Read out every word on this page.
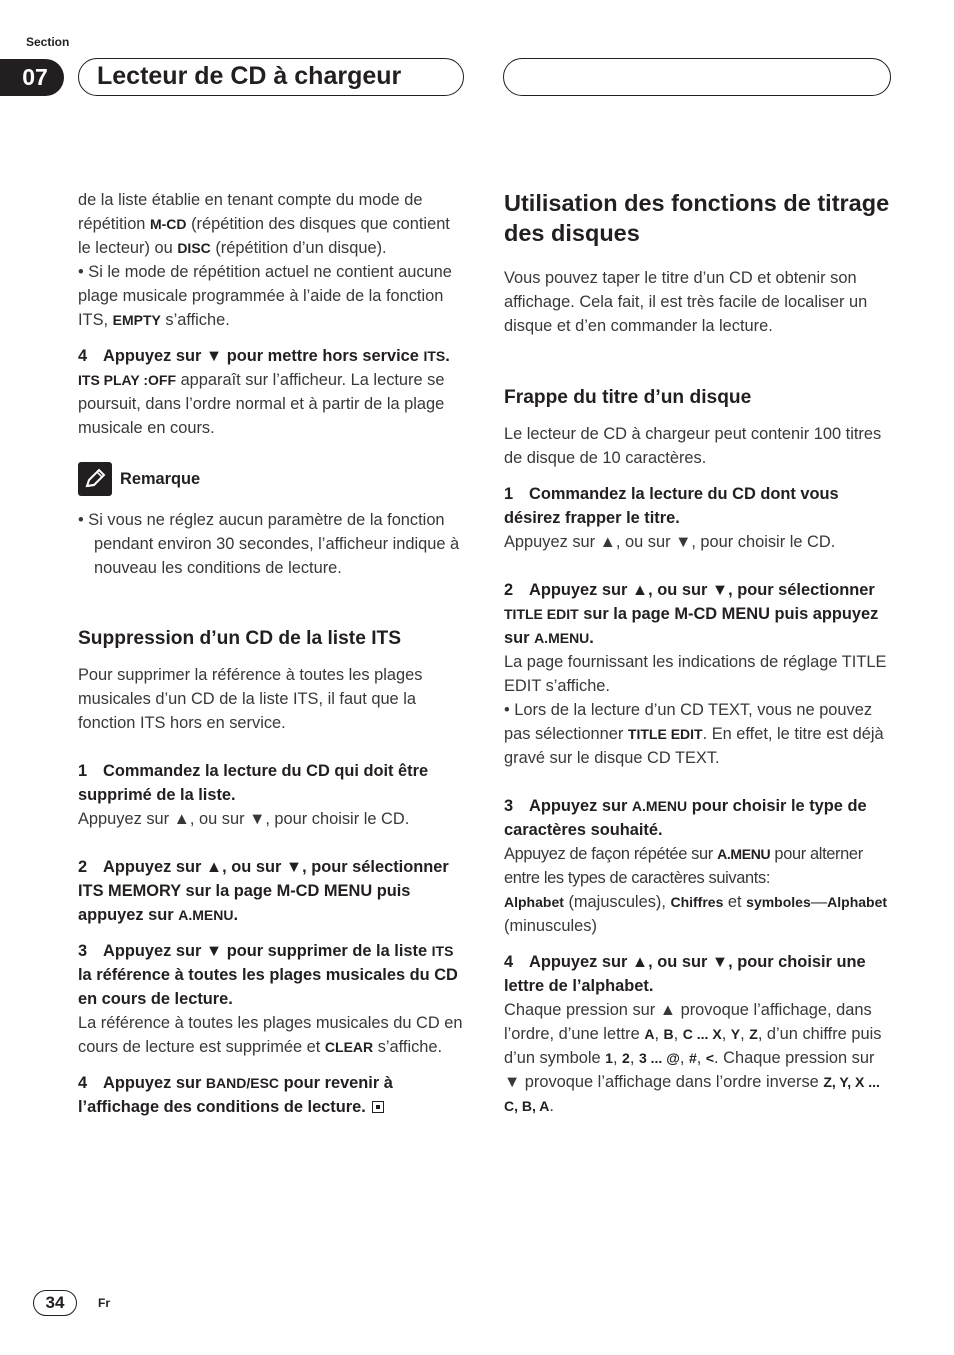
Section
07	Lecteur de CD à chargeur

de la liste établie en tenant compte du mode de répétition M-CD (répétition des disques que contient le lecteur) ou DISC (répétition d’un disque).

• Si le mode de répétition actuel ne contient aucune plage musicale programmée à l’aide de la fonction ITS, EMPTY s’affiche.

4 Appuyez sur ▼ pour mettre hors service ITS.

ITS PLAY :OFF apparaît sur l’afficheur. La lecture se poursuit, dans l’ordre normal et à partir de la plage musicale en cours.

Remarque

• Si vous ne réglez aucun paramètre de la fonction pendant environ 30 secondes, l’afficheur indique à nouveau les conditions de lecture.

Suppression d’un CD de la liste ITS

Pour supprimer la référence à toutes les plages musicales d’un CD de la liste ITS, il faut que la fonction ITS hors en service.

1 Commandez la lecture du CD qui doit être supprimé de la liste.

Appuyez sur ▲, ou sur ▼, pour choisir le CD.

2 Appuyez sur ▲, ou sur ▼, pour sélectionner ITS MEMORY sur la page M-CD MENU puis appuyez sur A.MENU.

3 Appuyez sur ▼ pour supprimer de la liste ITS la référence à toutes les plages musicales du CD en cours de lecture.

La référence à toutes les plages musicales du CD en cours de lecture est supprimée et CLEAR s’affiche.

4 Appuyez sur BAND/ESC pour revenir à l’affichage des conditions de lecture.

Utilisation des fonctions de titrage des disques

Vous pouvez taper le titre d’un CD et obtenir son affichage. Cela fait, il est très facile de localiser un disque et d’en commander la lecture.

Frappe du titre d’un disque

Le lecteur de CD à chargeur peut contenir 100 titres de disque de 10 caractères.

1 Commandez la lecture du CD dont vous désirez frapper le titre.

Appuyez sur ▲, ou sur ▼, pour choisir le CD.

2 Appuyez sur ▲, ou sur ▼, pour sélectionner TITLE EDIT sur la page M-CD MENU puis appuyez sur A.MENU.

La page fournissant les indications de réglage TITLE EDIT s’affiche.

• Lors de la lecture d’un CD TEXT, vous ne pouvez pas sélectionner TITLE EDIT. En effet, le titre est déjà gravé sur le disque CD TEXT.

3 Appuyez sur A.MENU pour choisir le type de caractères souhaité.

Appuyez de façon répétée sur A.MENU pour alterner entre les types de caractères suivants:

Alphabet (majuscules), Chiffres et symboles—Alphabet (minuscules)

4 Appuyez sur ▲, ou sur ▼, pour choisir une lettre de l’alphabet.

Chaque pression sur ▲ provoque l’affichage, dans l’ordre, d’une lettre A, B, C ... X, Y, Z, d’un chiffre puis d’un symbole 1, 2, 3 ... @, #, <. Chaque pression sur ▼ provoque l’affichage dans l’ordre inverse Z, Y, X ... C, B, A.

34	Fr
